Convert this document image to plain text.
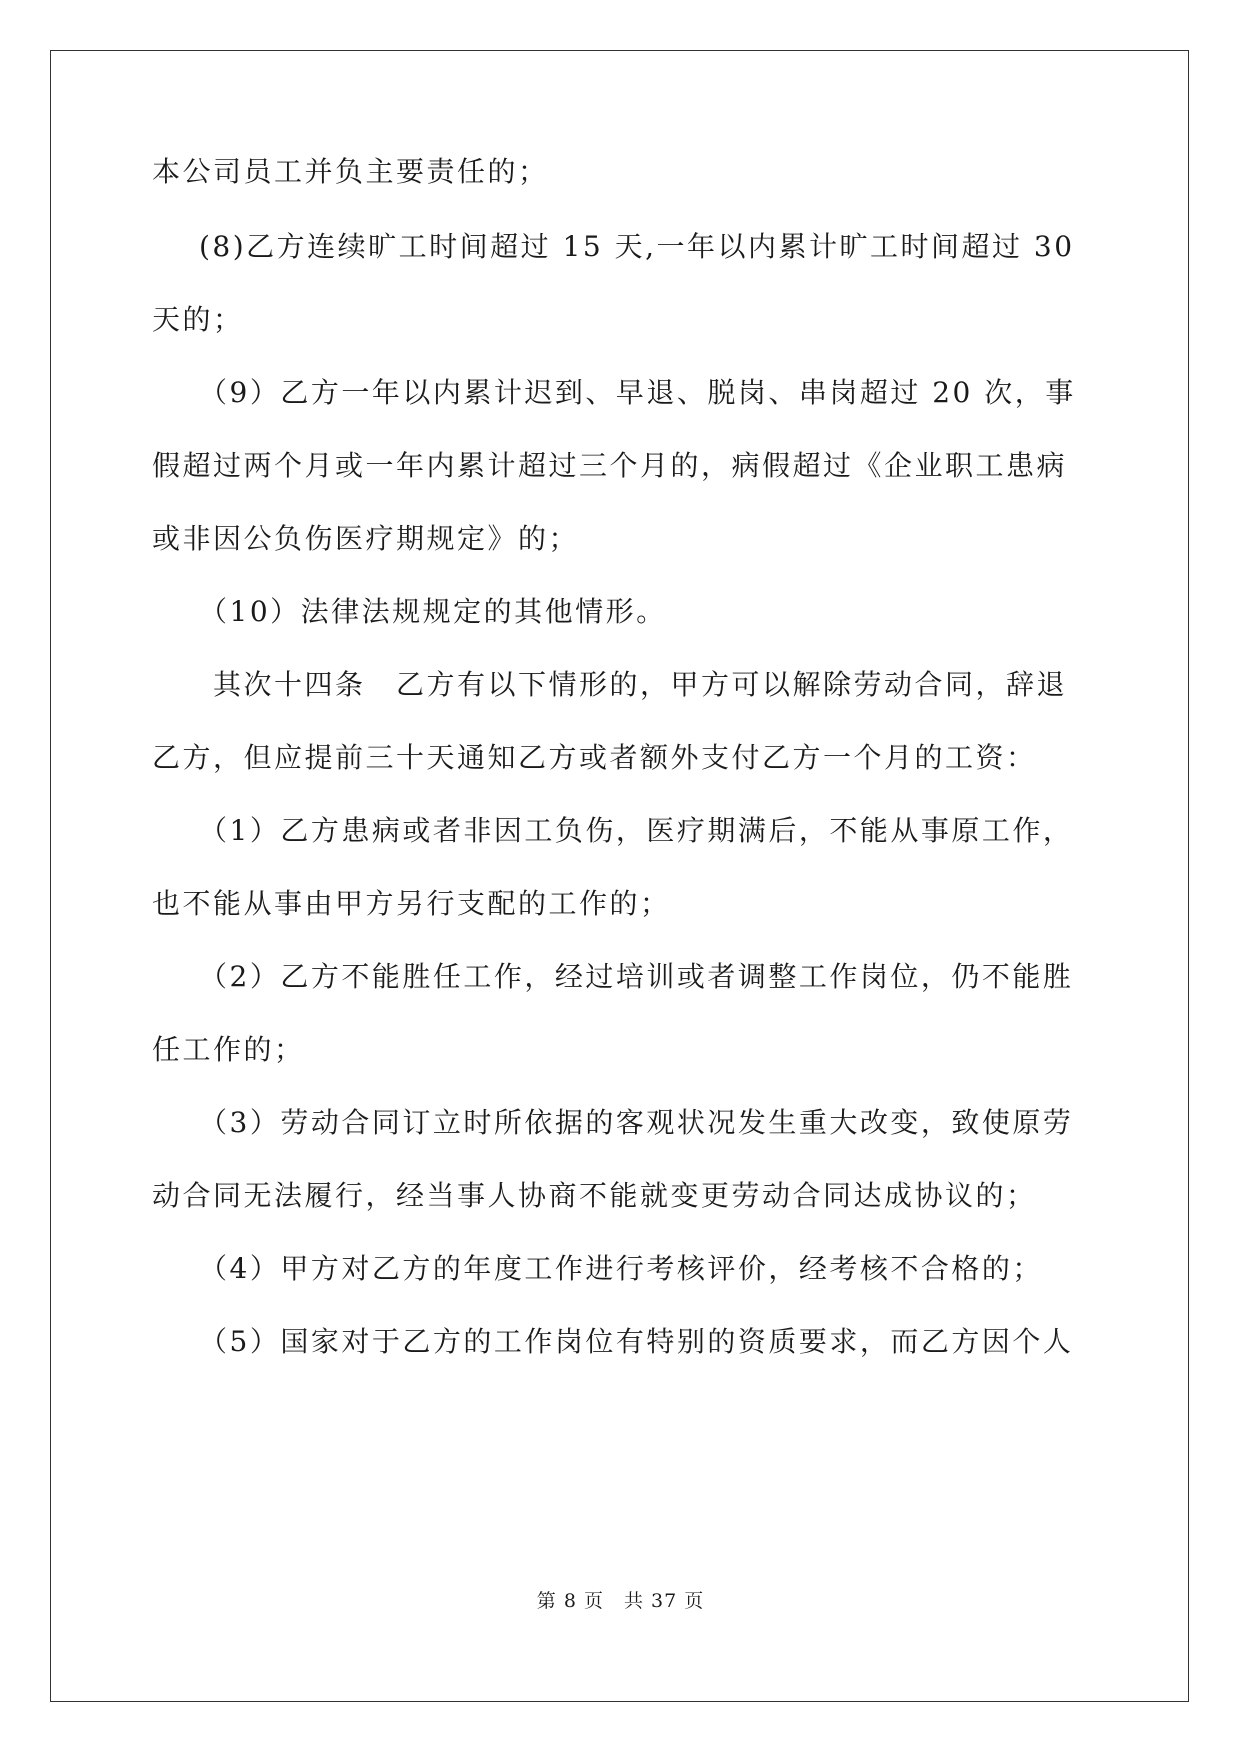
本公司员工并负主要责任的；
(8)乙方连续旷工时间超过 15 天,一年以内累计旷工时间超过 30
天的；
（9）乙方一年以内累计迟到、早退、脱岗、串岗超过 20 次，事
假超过两个月或一年内累计超过三个月的，病假超过《企业职工患病
或非因公负伤医疗期规定》的；
（10）法律法规规定的其他情形。
其次十四条　乙方有以下情形的，甲方可以解除劳动合同，辞退
乙方，但应提前三十天通知乙方或者额外支付乙方一个月的工资：
（1）乙方患病或者非因工负伤，医疗期满后，不能从事原工作，
也不能从事由甲方另行支配的工作的；
（2）乙方不能胜任工作，经过培训或者调整工作岗位，仍不能胜
任工作的；
（3）劳动合同订立时所依据的客观状况发生重大改变，致使原劳
动合同无法履行，经当事人协商不能就变更劳动合同达成协议的；
（4）甲方对乙方的年度工作进行考核评价，经考核不合格的；
（5）国家对于乙方的工作岗位有特别的资质要求，而乙方因个人
第 8 页　共 37 页
